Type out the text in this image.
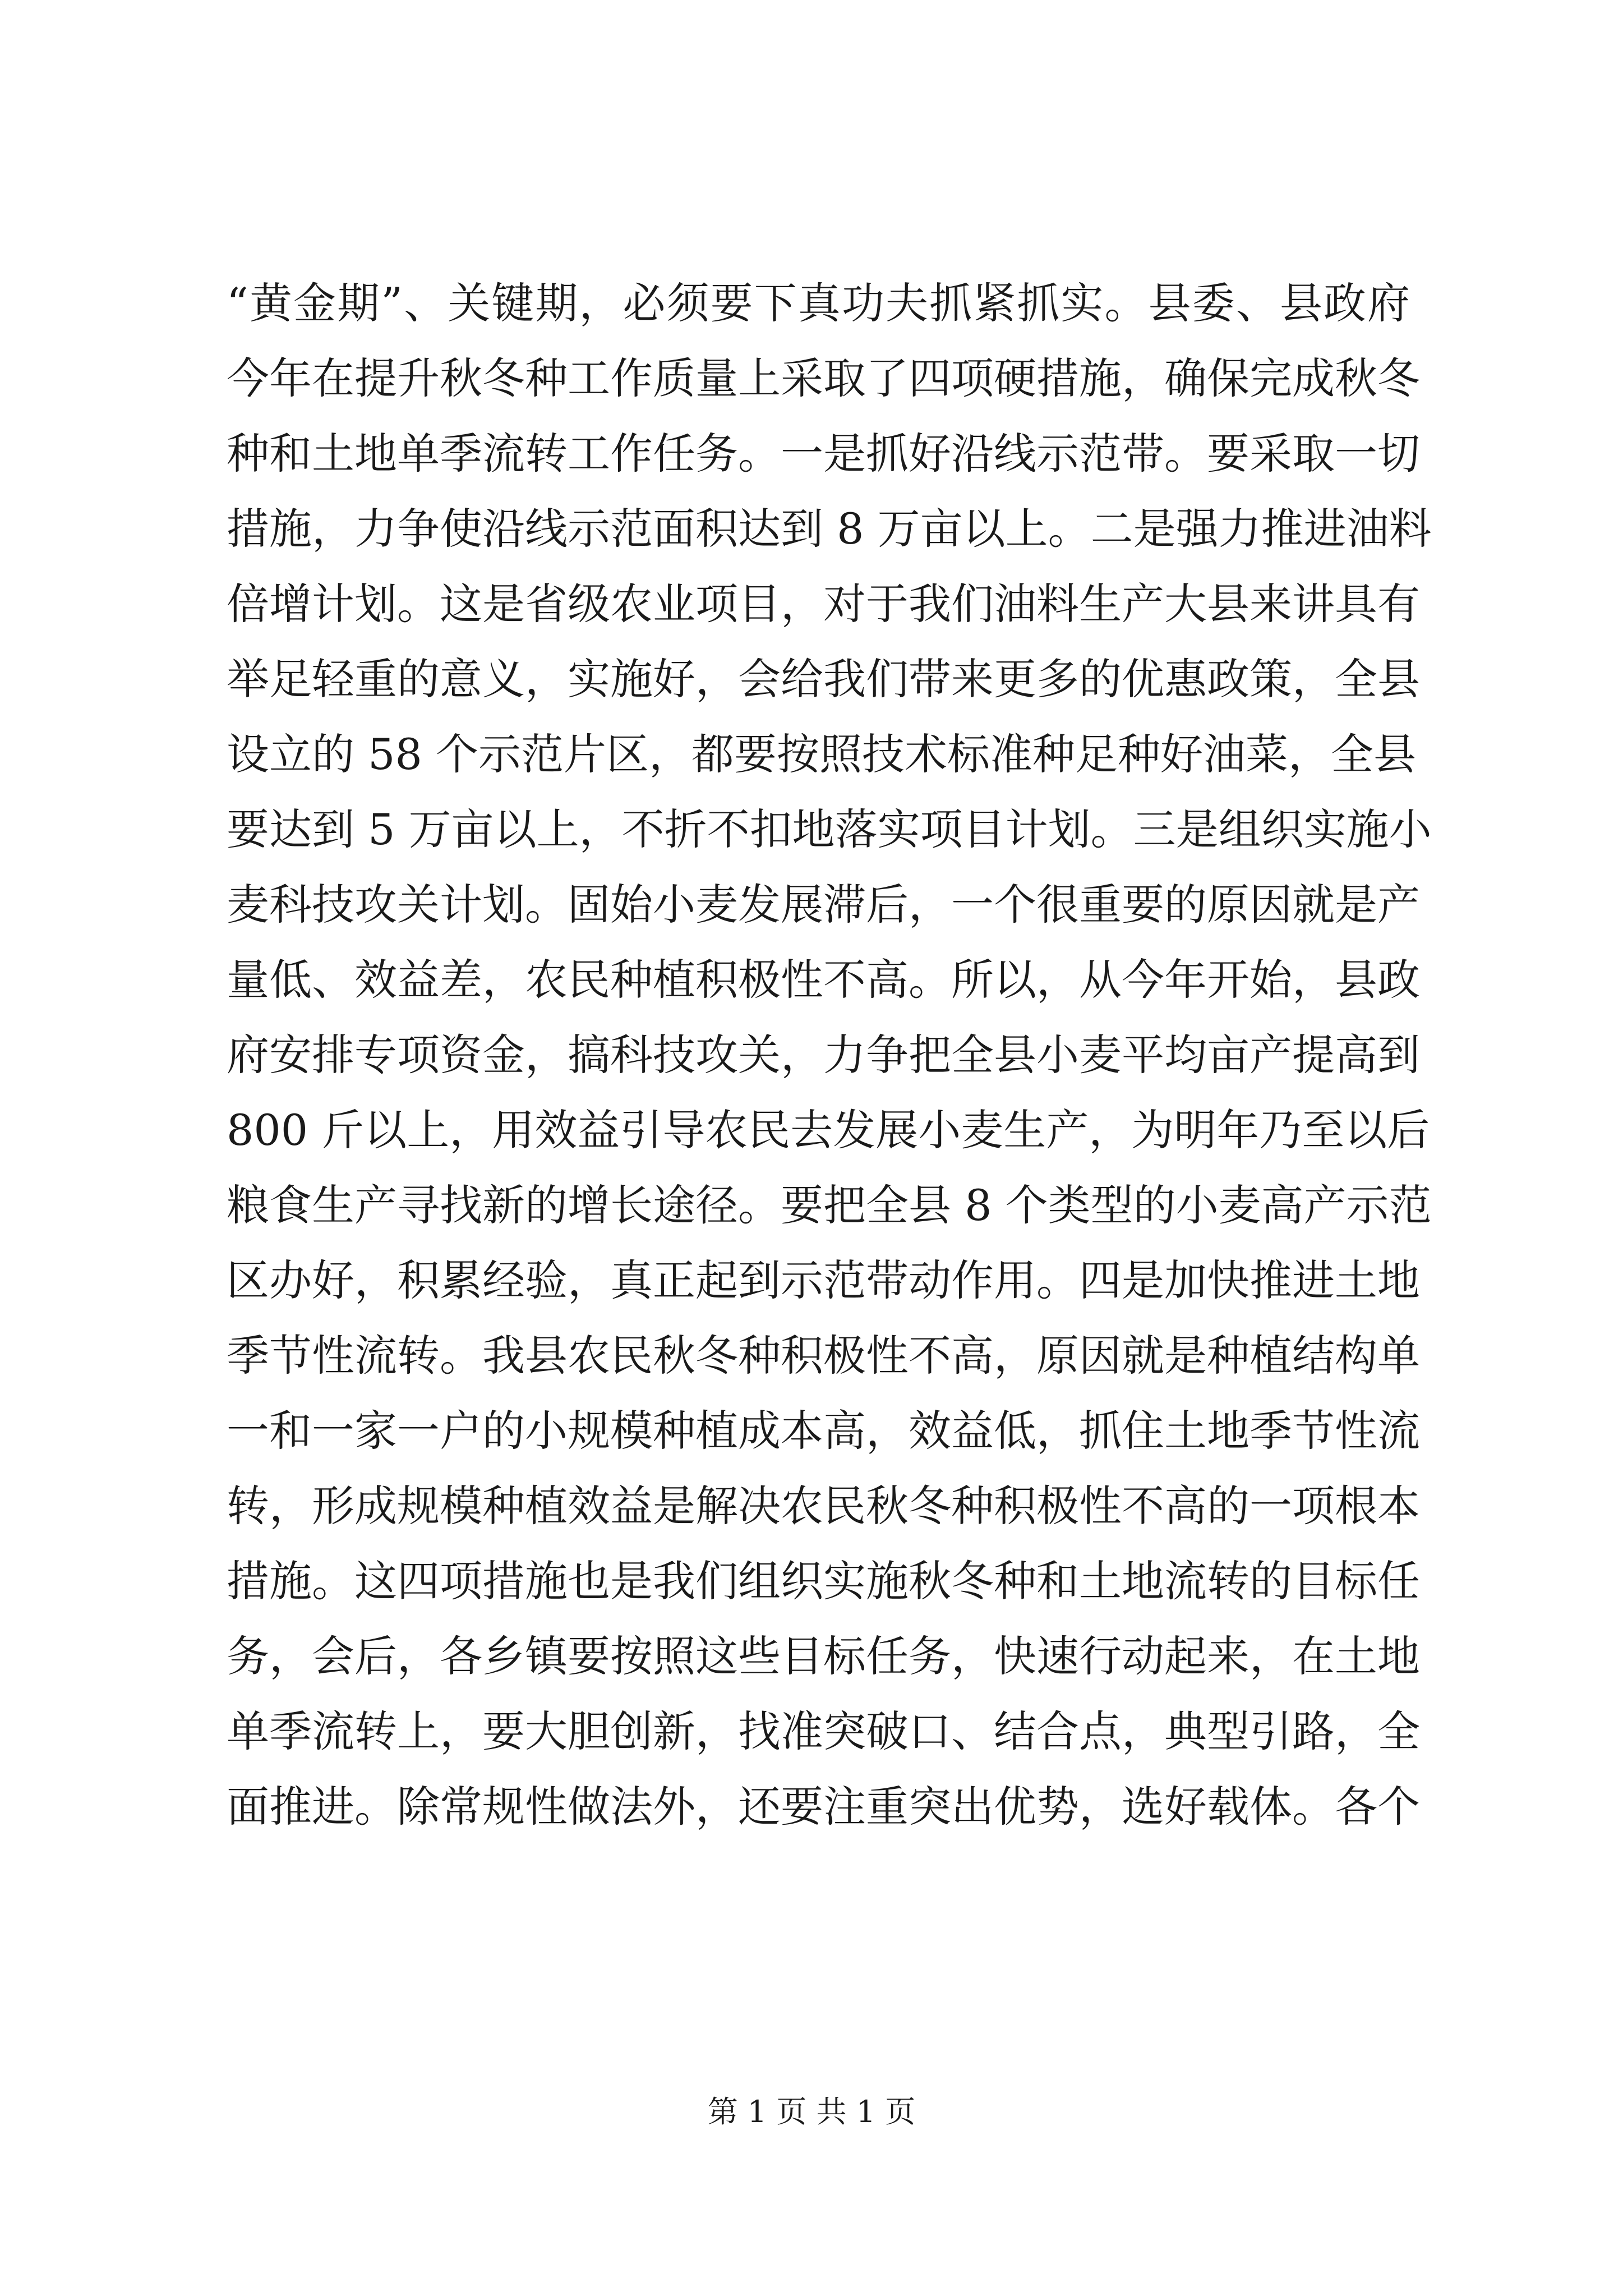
“黄金期”、关键期，必须要下真功夫抓紧抓实。县委、县政府
今年在提升秋冬种工作质量上采取了四项硬措施，确保完成秋冬
种和土地单季流转工作任务。一是抓好沿线示范带。要采取一切
措施，力争使沿线示范面积达到 8 万亩以上。二是强力推进油料
倍增计划。这是省级农业项目，对于我们油料生产大县来讲具有
举足轻重的意义，实施好，会给我们带来更多的优惠政策，全县
设立的 58 个示范片区，都要按照技术标准种足种好油菜，全县
要达到 5 万亩以上，不折不扣地落实项目计划。三是组织实施小
麦科技攻关计划。固始小麦发展滞后，一个很重要的原因就是产
量低、效益差，农民种植积极性不高。所以，从今年开始，县政
府安排专项资金，搞科技攻关，力争把全县小麦平均亩产提高到
800 斤以上，用效益引导农民去发展小麦生产，为明年乃至以后
粮食生产寻找新的增长途径。要把全县 8 个类型的小麦高产示范
区办好，积累经验，真正起到示范带动作用。四是加快推进土地
季节性流转。我县农民秋冬种积极性不高，原因就是种植结构单
一和一家一户的小规模种植成本高，效益低，抓住土地季节性流
转，形成规模种植效益是解决农民秋冬种积极性不高的一项根本
措施。这四项措施也是我们组织实施秋冬种和土地流转的目标任
务，会后，各乡镇要按照这些目标任务，快速行动起来，在土地
单季流转上，要大胆创新，找准突破口、结合点，典型引路，全
面推进。除常规性做法外，还要注重突出优势，选好载体。各个
第 1 页 共 1 页
